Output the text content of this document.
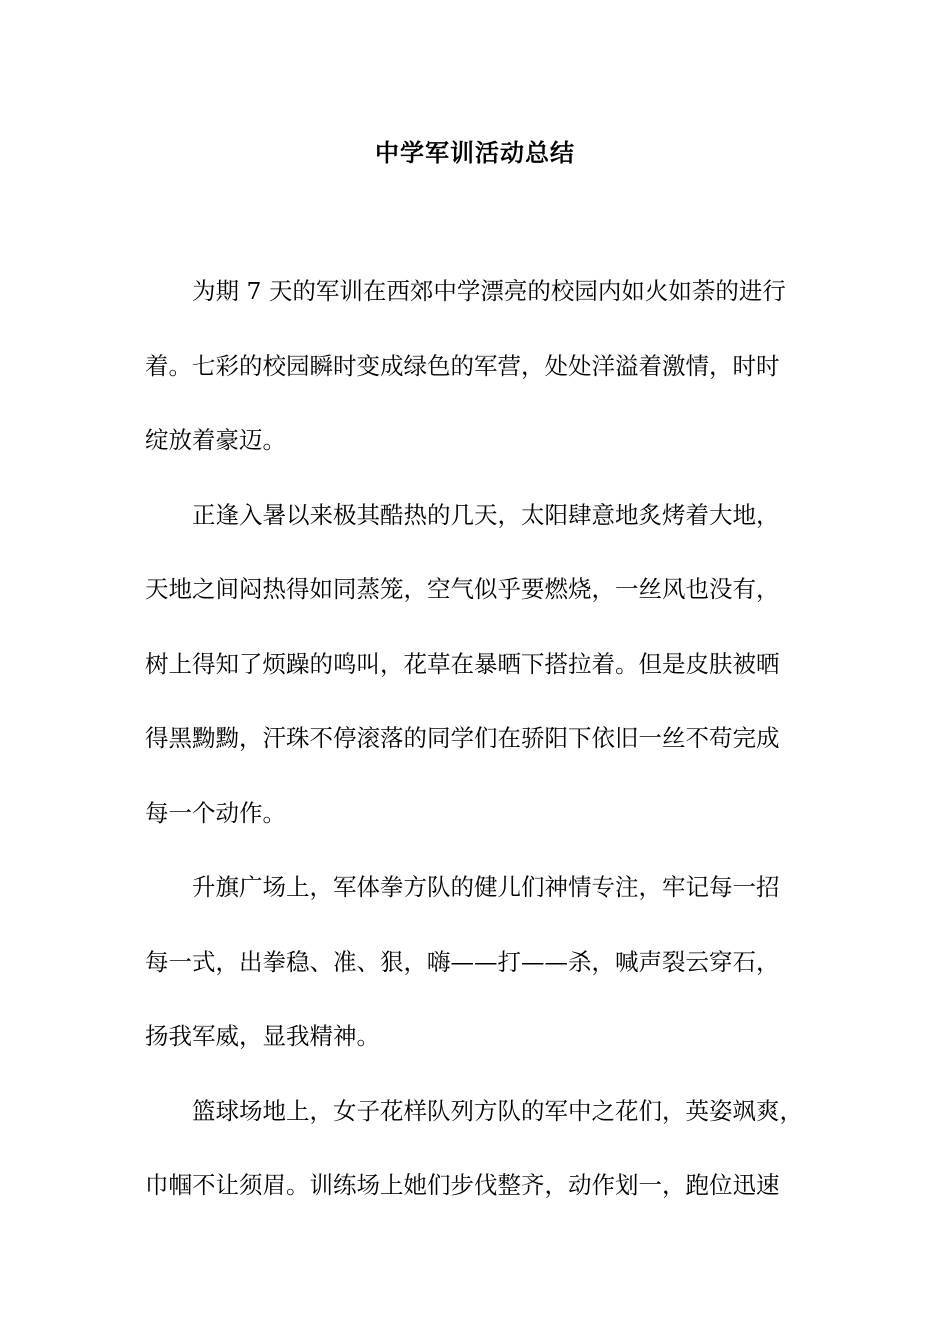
中学军训活动总结

为期 7 天的军训在西郊中学漂亮的校园内如火如荼的进行
着。七彩的校园瞬时变成绿色的军营，处处洋溢着激情，时时
绽放着豪迈。

正逢入暑以来极其酷热的几天，太阳肆意地炙烤着大地，
天地之间闷热得如同蒸笼，空气似乎要燃烧，一丝风也没有，
树上得知了烦躁的鸣叫，花草在暴晒下搭拉着。但是皮肤被晒
得黑黝黝，汗珠不停滚落的同学们在骄阳下依旧一丝不苟完成
每一个动作。

升旗广场上，军体拳方队的健儿们神情专注，牢记每一招
每一式，出拳稳、准、狠，嗨——打——杀，喊声裂云穿石，
扬我军威，显我精神。

篮球场地上，女子花样队列方队的军中之花们，英姿飒爽，
巾帼不让须眉。训练场上她们步伐整齐，动作划一，跑位迅速
